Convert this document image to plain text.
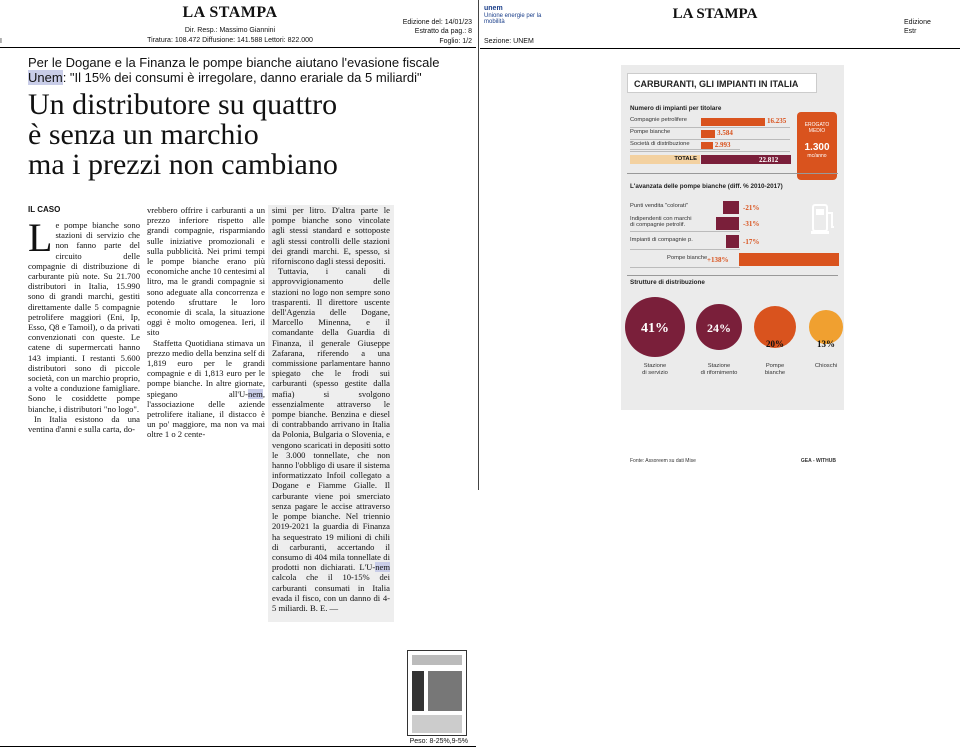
LA STAMPA
Dir. Resp.: Massimo Giannini
Tiratura: 108.472 Diffusione: 141.588 Lettori: 822.000
Edizione del: 14/01/23
Estratto da pag.: 8
Foglio: 1/2
I
Per le Dogane e la Finanza le pompe bianche aiutano l'evasione fiscale
Unem: "Il 15% dei consumi è irregolare, danno erariale da 5 miliardi"
Un distributore su quattro
è senza un marchio
ma i prezzi non cambiano
IL CASO
L e pompe bianche sono stazioni di servizio che non fanno parte del circuito delle compagnie di distribuzione di carburante più note. Su 21.700 distributori in Italia, 15.990 sono di grandi marchi, gestiti direttamente dalle 5 compagnie petrolifere maggiori (Eni, Ip, Esso, Q8 e Tamoil), o da privati convenzionati con queste. Le catene di supermercati hanno 143 impianti. I restanti 5.600 distributori sono di piccole società, con un marchio proprio, a volte a conduzione famigliare. Sono le cosiddette pompe bianche, i distributori "no logo".

In Italia esistono da una ventina d'anni e sulla carta, do-

vrebbero offrire i carburanti a un prezzo inferiore rispetto alle grandi compagnie, risparmiando sulle iniziative promozionali e sulla pubblicità. Nei primi tempi le pompe bianche erano più economiche anche 10 centesimi al litro, ma le grandi compagnie si sono adeguate alla concorrenza e potendo sfruttare le loro economie di scala, la situazione oggi è molto omogenea. Ieri, il sito

Staffetta Quotidiana stimava un prezzo medio della benzina self di 1,819 euro per le grandi compagnie e di 1,813 euro per le pompe bianche. In altre giornate, spiegano all'U-nem, l'associazione delle aziende petrolifere italiane, il distacco è un po' maggiore, ma non va mai oltre 1 o 2 cente-

simi per litro. D'altra parte le pompe bianche sono vincolate agli stessi standard e sottoposte agli stessi controlli delle stazioni dei grandi marchi. E, spesso, si riforniscono dagli stessi depositi.

Tuttavia, i canali di approvvigionamento delle stazioni no logo non sempre sono trasparenti. Il direttore uscente dell'Agenzia delle Dogane, Marcello Minenna, e il comandante della Guardia di Finanza, il generale Giuseppe Zafarana, riferendo a una commissione parlamentare hanno spiegato che le frodi sui carburanti (spesso gestite dalla mafia) si svolgono essenzialmente attraverso le pompe bianche. Benzina e diesel di contrabbando arrivano in Italia da Polonia, Bulgaria o Slovenia, e vengono scaricati in depositi sotto le 3.000 tonnellate, che non hanno l'obbligo di usare il sistema informatizzato Infoil collegato a Dogane e Fiamme Gialle. Il carburante viene poi smerciato senza pagare le accise attraverso le pompe bianche. Nel triennio 2019-2021 la guardia di Finanza ha sequestrato 19 milioni di chili di carburanti, accertando il consumo di 404 mila tonnellate di prodotti non dichiarati. L'U-nem calcola che il 10-15% dei carburanti consumati in Italia evada il fisco, con un danno di 4-5 miliardi. B. E. —

Peso: 8-25%,9-5%
unem
Unione energie per la mobilità	LA STAMPA
Edizione
Estr
Sezione: UNEM
CARBURANTI, GLI IMPIANTI IN ITALIA
Numero di impianti per titolare
TOTALE	22.812
EROGATO MEDIO
1.300
mc/anno
L'avanzata delle pompe bianche (diff. % 2010-2017)
Strutture di distribuzione
Fonte: Assoreem su dati Mise	GEA - WITHUB
Compagnie petrolifere	16.235
Pompe bianche	3.584
Società di distribuzione	2.993
Punti vendita "colorati"	-21%
Indipendenti con marchi
di compagnie petrolif.	-31%
Impianti di compagnie p.	-17%
Pompe bianche +138%
41%
Stazione
di servizio
24%
Stazione
di rifornimento
20%
Pompe
bianche
13%
Chioschi
